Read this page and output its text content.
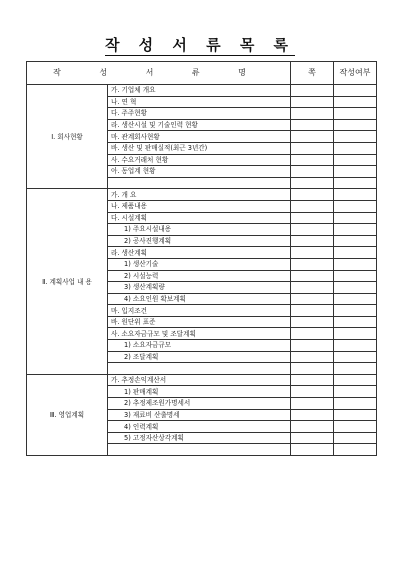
작 성 서 류 목 록
작 성 서 류 명		쪽	작성여부
Ⅰ. 회사현황	가. 기업체 개요		
	나. 연 혁		
	다. 주주현황		
	라. 생산시설 및 기술인력 현황		
	마. 관계회사현황		
	바. 생산 및 판매실적(최근 3년간)		
	사. 수요거래처 현황		
	아. 동업계 현황		

Ⅱ. 계획사업 내 용	가. 개 요		
	나. 제품내용		
	다. 시설계획		
	1) 주요시설내용		
	2) 공사진행계획		
	라. 생산계획		
	1) 생산기술		
	2) 시설능력		
	3) 생산계획량		
	4) 소요인원 확보계획		
	마. 입지조건		
	바. 원단위 표준		
	사. 소요자금규모 및 조달계획		
	1) 소요자금규모		
	2) 조달계획		

Ⅲ. 영업계획	가. 추정손익계산서		
	1) 판매계획		
	2) 추정제조원가명세서		
	3) 재료비 산출명세		
	4) 인력계획		
	5) 고정자산상각계획		
